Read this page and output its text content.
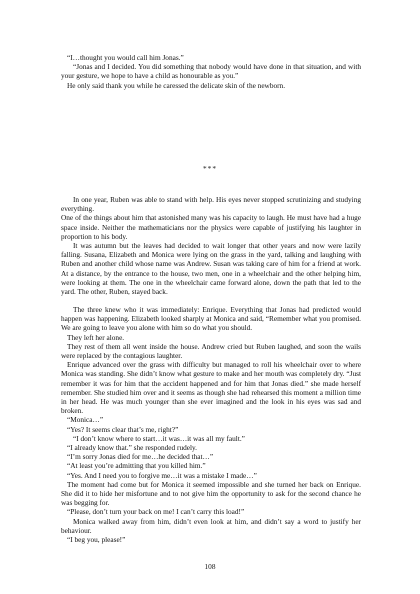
“I…thought you would call him Jonas.”

“Jonas and I decided. You did something that nobody would have done in that situation, and with your gesture, we hope to have a child as honourable as you.”

He only said thank you while he caressed the delicate skin of the newborn.

***

In one year, Ruben was able to stand with help. His eyes never stopped scrutinizing and studying everything.

One of the things about him that astonished many was his capacity to laugh. He must have had a huge space inside. Neither the mathematicians nor the physics were capable of justifying his laughter in proportion to his body.

It was autumn but the leaves had decided to wait longer that other years and now were lazily falling. Susana, Elizabeth and Monica were lying on the grass in the yard, talking and laughing with Ruben and another child whose name was Andrew. Susan was taking care of him for a friend at work. At a distance, by the entrance to the house, two men, one in a wheelchair and the other helping him, were looking at them. The one in the wheelchair came forward alone, down the path that led to the yard. The other, Ruben, stayed back.

The three knew who it was immediately: Enrique. Everything that Jonas had predicted would happen was happening. Elizabeth looked sharply at Monica and said, “Remember what you promised. We are going to leave you alone with him so do what you should.

They left her alone.

They rest of them all went inside the house. Andrew cried but Ruben laughed, and soon the wails were replaced by the contagious laughter.

Enrique advanced over the grass with difficulty but managed to roll his wheelchair over to where Monica was standing. She didn’t know what gesture to make and her mouth was completely dry. “Just remember it was for him that the accident happened and for him that Jonas died.” she made herself remember. She studied him over and it seems as though she had rehearsed this moment a million time in her head. He was much younger than she ever imagined and the look in his eyes was sad and broken.

“Monica…”

“Yes? It seems clear that’s me, right?”

“I don’t know where to start…it was…it was all my fault.”

“I already know that.” she responded rudely.

“I’m sorry Jonas died for me…he decided that…”

“At least you’re admitting that you killed him.”

“Yes. And I need you to forgive me…it was a mistake I made…”

The moment had come but for Monica it seemed impossible and she turned her back on Enrique. She did it to hide her misfortune and to not give him the opportunity to ask for the second chance he was begging for.

“Please, don’t turn your back on me! I can’t carry this load!”

Monica walked away from him, didn’t even look at him, and didn’t say a word to justify her behaviour.

“I beg you, please!”

108
